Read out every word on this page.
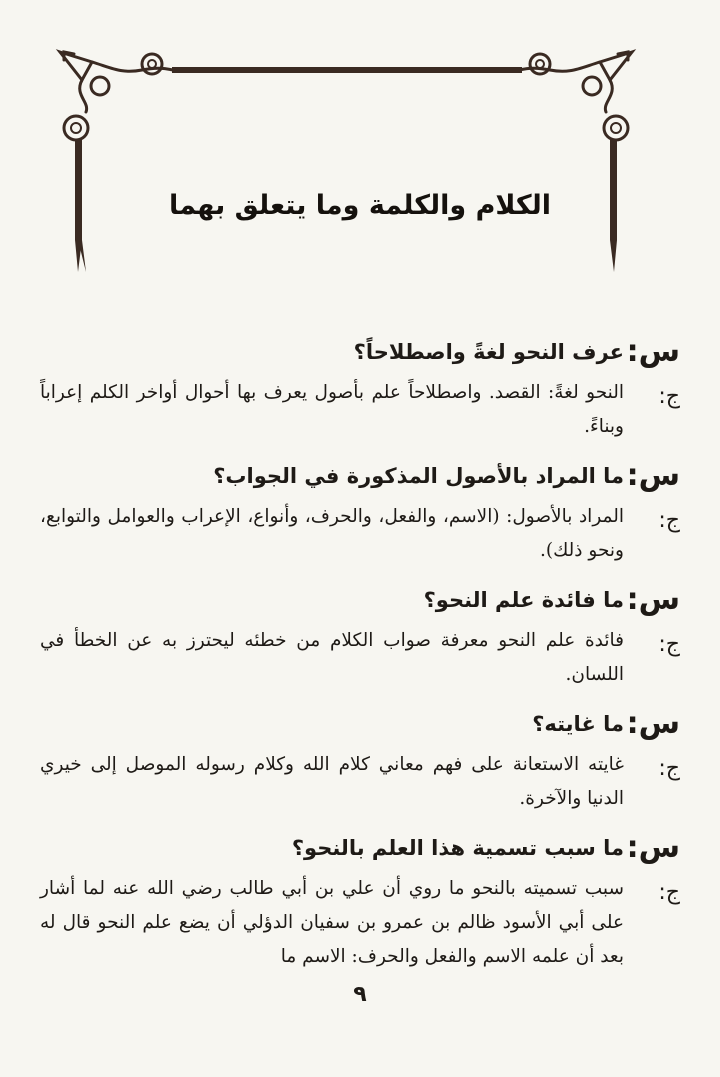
الكلام والكلمة وما يتعلق بهما
س:
عرف النحو لغةً واصطلاحاً؟
ج:
النحو لغةً: القصد. واصطلاحاً علم بأصول يعرف بها أحوال أواخر الكلم إعراباً وبناءً.
س:
ما المراد بالأصول المذكورة في الجواب؟
ج:
المراد بالأصول: (الاسم، والفعل، والحرف، وأنواع، الإعراب والعوامل والتوابع، ونحو ذلك).
س:
ما فائدة علم النحو؟
ج:
فائدة علم النحو معرفة صواب الكلام من خطئه ليحترز به عن الخطأ في اللسان.
س:
ما غايته؟
ج:
غايته الاستعانة على فهم معاني كلام الله وكلام رسوله الموصل إلى خيري الدنيا والآخرة.
س:
ما سبب تسمية هذا العلم بالنحو؟
ج:
سبب تسميته بالنحو ما روي أن علي بن أبي طالب رضي الله عنه لما أشار على أبي الأسود ظالم بن عمرو بن سفيان الدؤلي أن يضع علم النحو قال له بعد أن علمه الاسم والفعل والحرف: الاسم ما
٩
